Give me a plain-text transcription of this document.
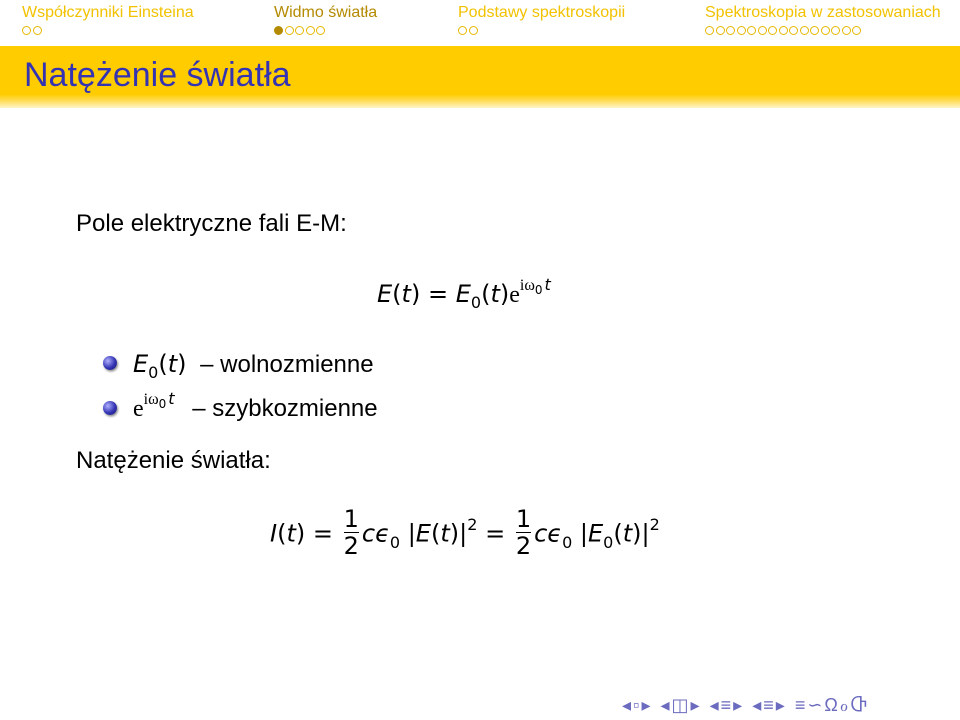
Współczynniki Einsteina	Widmo światła	Podstawy spektroskopii	Spektroskopia w zastosowaniach
Natężenie światła
Pole elektryczne fali E-M:
$E(t) = E_0(t)e^{i\omega 0}$ $^t$
$E_0(t)$ – wolnozmienne
$e^{i\omega 0}$ $^t$ – szybkozmienne
Natężenie światła:
$I(t) = \frac{1}{2} c\epsilon_0$ $|E(t)|^2 = \frac{1}{2} c\epsilon_0$ $|E_0(t)|^2$
◂ ▫ ▸ ◂ ◫ ▸ ◂ ≡ ▸ ◂ ≡ ▸ ≡ ∽ Ω ℴ Ⴇ
